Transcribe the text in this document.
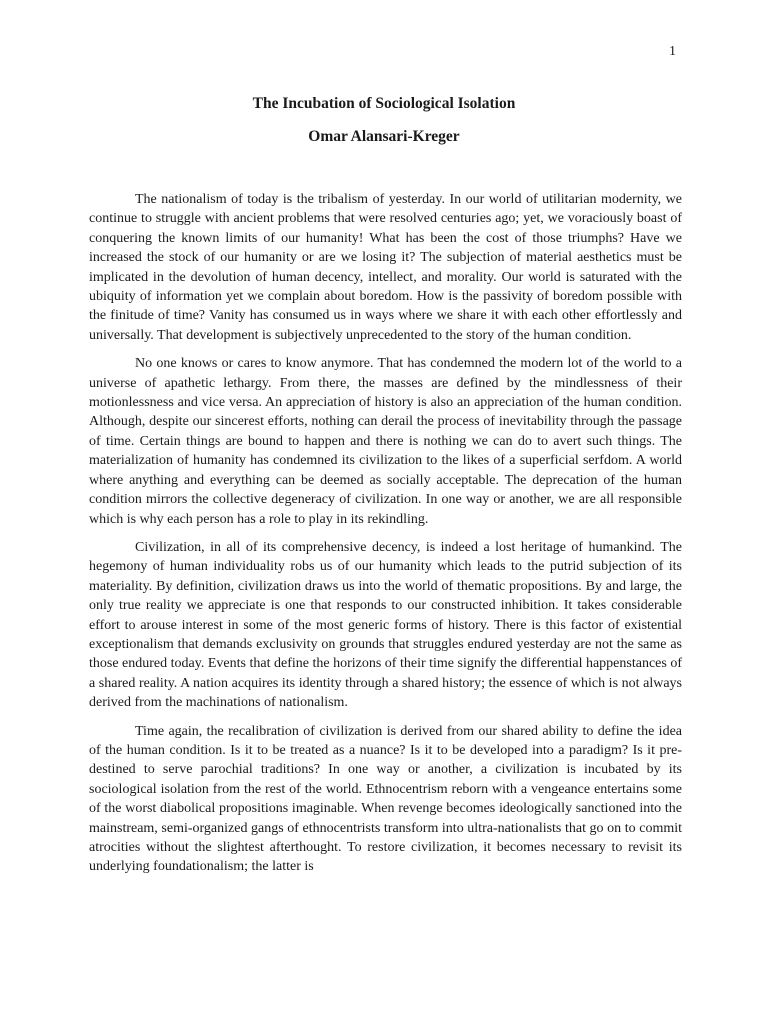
1
The Incubation of Sociological Isolation
Omar Alansari-Kreger

The nationalism of today is the tribalism of yesterday. In our world of utilitarian modernity, we continue to struggle with ancient problems that were resolved centuries ago; yet, we voraciously boast of conquering the known limits of our humanity! What has been the cost of those triumphs? Have we increased the stock of our humanity or are we losing it? The subjection of material aesthetics must be implicated in the devolution of human decency, intellect, and morality. Our world is saturated with the ubiquity of information yet we complain about boredom. How is the passivity of boredom possible with the finitude of time? Vanity has consumed us in ways where we share it with each other effortlessly and universally. That development is subjectively unprecedented to the story of the human condition.

No one knows or cares to know anymore. That has condemned the modern lot of the world to a universe of apathetic lethargy. From there, the masses are defined by the mindlessness of their motionlessness and vice versa. An appreciation of history is also an appreciation of the human condition. Although, despite our sincerest efforts, nothing can derail the process of inevitability through the passage of time. Certain things are bound to happen and there is nothing we can do to avert such things. The materialization of humanity has condemned its civilization to the likes of a superficial serfdom. A world where anything and everything can be deemed as socially acceptable. The deprecation of the human condition mirrors the collective degeneracy of civilization. In one way or another, we are all responsible which is why each person has a role to play in its rekindling.

Civilization, in all of its comprehensive decency, is indeed a lost heritage of humankind. The hegemony of human individuality robs us of our humanity which leads to the putrid subjection of its materiality. By definition, civilization draws us into the world of thematic propositions. By and large, the only true reality we appreciate is one that responds to our constructed inhibition. It takes considerable effort to arouse interest in some of the most generic forms of history. There is this factor of existential exceptionalism that demands exclusivity on grounds that struggles endured yesterday are not the same as those endured today. Events that define the horizons of their time signify the differential happenstances of a shared reality. A nation acquires its identity through a shared history; the essence of which is not always derived from the machinations of nationalism.

Time again, the recalibration of civilization is derived from our shared ability to define the idea of the human condition. Is it to be treated as a nuance? Is it to be developed into a paradigm? Is it pre-destined to serve parochial traditions? In one way or another, a civilization is incubated by its sociological isolation from the rest of the world. Ethnocentrism reborn with a vengeance entertains some of the worst diabolical propositions imaginable. When revenge becomes ideologically sanctioned into the mainstream, semi-organized gangs of ethnocentrists transform into ultra-nationalists that go on to commit atrocities without the slightest afterthought. To restore civilization, it becomes necessary to revisit its underlying foundationalism; the latter is
